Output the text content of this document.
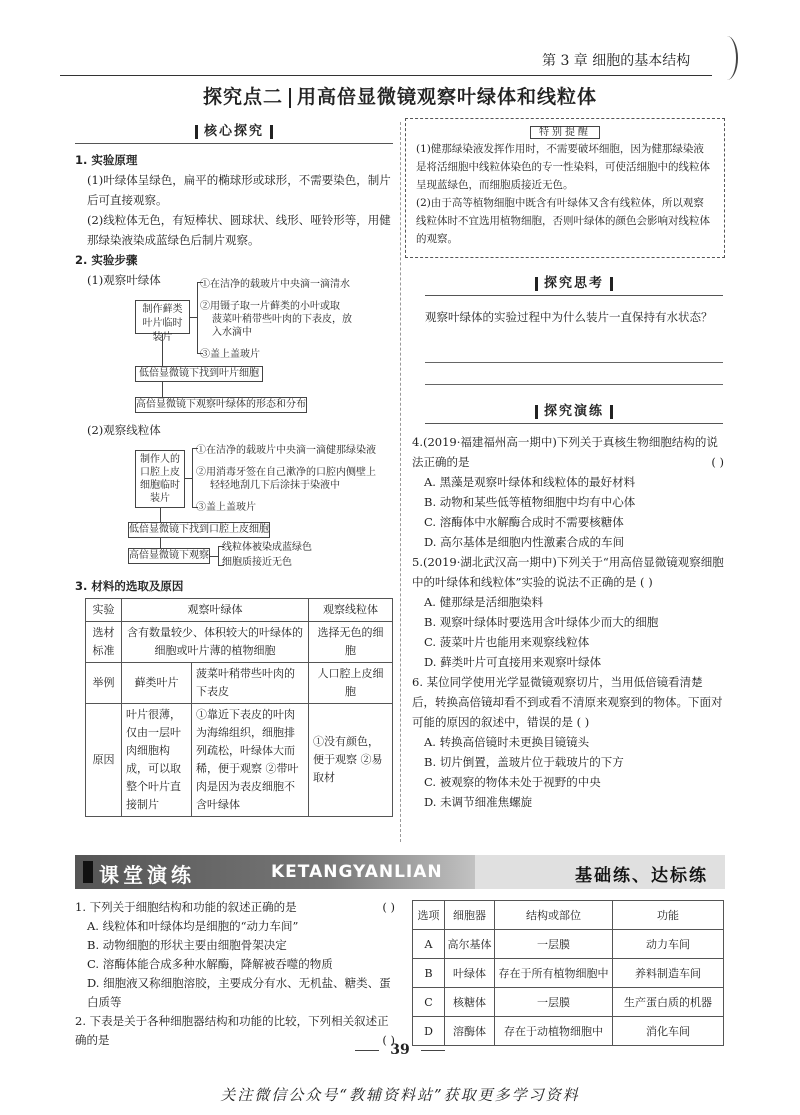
第 3 章 细胞的基本结构
探究点二 用高倍显微镜观察叶绿体和线粒体
核心探究
1. 实验原理
(1)叶绿体呈绿色，扁平的椭球形或球形，不需要染色，制片后可直接观察。
(2)线粒体无色，有短棒状、圆球状、线形、哑铃形等，用健那绿染液染成蓝绿色后制片观察。
2. 实验步骤
(1)观察叶绿体
制作藓类叶片临时装片
①在洁净的载玻片中央滴一滴清水
②用镊子取一片藓类的小叶或取
菠菜叶稍带些叶肉的下表皮，放
入水滴中
③盖上盖玻片
低倍显微镜下找到叶片细胞
高倍显微镜下观察叶绿体的形态和分布
(2)观察线粒体
制作人的口腔上皮细胞临时装片
①在洁净的载玻片中央滴一滴健那绿染液
②用消毒牙签在自己漱净的口腔内侧壁上
轻轻地刮几下后涂抹于染液中
③盖上盖玻片
低倍显微镜下找到口腔上皮细胞
高倍显微镜下观察
线粒体被染成蓝绿色
细胞质接近无色
3. 材料的选取及原因
实验	观察叶绿体		观察线粒体
选材标准	含有数量较少、体积较大的叶绿体的细胞或叶片薄的植物细胞		选择无色的细胞
举例	藓类叶片	菠菜叶稍带些叶肉的下表皮	人口腔上皮细胞
原因	叶片很薄，仅由一层叶肉细胞构成，可以取整个叶片直接制片	①靠近下表皮的叶肉为海绵组织，细胞排列疏松，叶绿体大而稀，便于观察 ②带叶肉是因为表皮细胞不含叶绿体	①没有颜色，便于观察 ②易取材
特别提醒
(1)健那绿染液发挥作用时，不需要破坏细胞，因为健那绿染液是将活细胞中线粒体染色的专一性染料，可使活细胞中的线粒体呈现蓝绿色，而细胞质接近无色。
(2)由于高等植物细胞中既含有叶绿体又含有线粒体，所以观察线粒体时不宜选用植物细胞，否则叶绿体的颜色会影响对线粒体的观察。
探究思考
观察叶绿体的实验过程中为什么装片一直保持有水状态？
探究演练
4.(2019·福建福州高一期中)下列关于真核生物细胞结构的说法正确的是	( )
A. 黑藻是观察叶绿体和线粒体的最好材料
B. 动物和某些低等植物细胞中均有中心体
C. 溶酶体中水解酶合成时不需要核糖体
D. 高尔基体是细胞内性激素合成的车间
5.(2019·湖北武汉高一期中)下列关于“用高倍显微镜观察细胞中的叶绿体和线粒体”实验的说法不正确的是 ( )
A. 健那绿是活细胞染料
B. 观察叶绿体时要选用含叶绿体少而大的细胞
C. 菠菜叶片也能用来观察线粒体
D. 藓类叶片可直接用来观察叶绿体
6. 某位同学使用光学显微镜观察切片，当用低倍镜看清楚后，转换高倍镜却看不到或看不清原来观察到的物体。下面对可能的原因的叙述中，错误的是 ( )
A. 转换高倍镜时未更换目镜镜头
B. 切片倒置，盖玻片位于载玻片的下方
C. 被观察的物体未处于视野的中央
D. 未调节细准焦螺旋
课堂演练	KETANGYANLIAN	基础练、达标练
1. 下列关于细胞结构和功能的叙述正确的是	( )
A. 线粒体和叶绿体均是细胞的“动力车间”
B. 动物细胞的形状主要由细胞骨架决定
C. 溶酶体能合成多种水解酶，降解被吞噬的物质
D. 细胞液又称细胞溶胶，主要成分有水、无机盐、糖类、蛋白质等
2. 下表是关于各种细胞器结构和功能的比较，下列相关叙述正确的是	( )
选项	细胞器	结构或部位	功能
A	高尔基体	一层膜	动力车间
B	叶绿体	存在于所有植物细胞中	养料制造车间
C	核糖体	一层膜	生产蛋白质的机器
D	溶酶体	存在于动植物细胞中	消化车间
39
关注微信公众号“教辅资料站”获取更多学习资料
